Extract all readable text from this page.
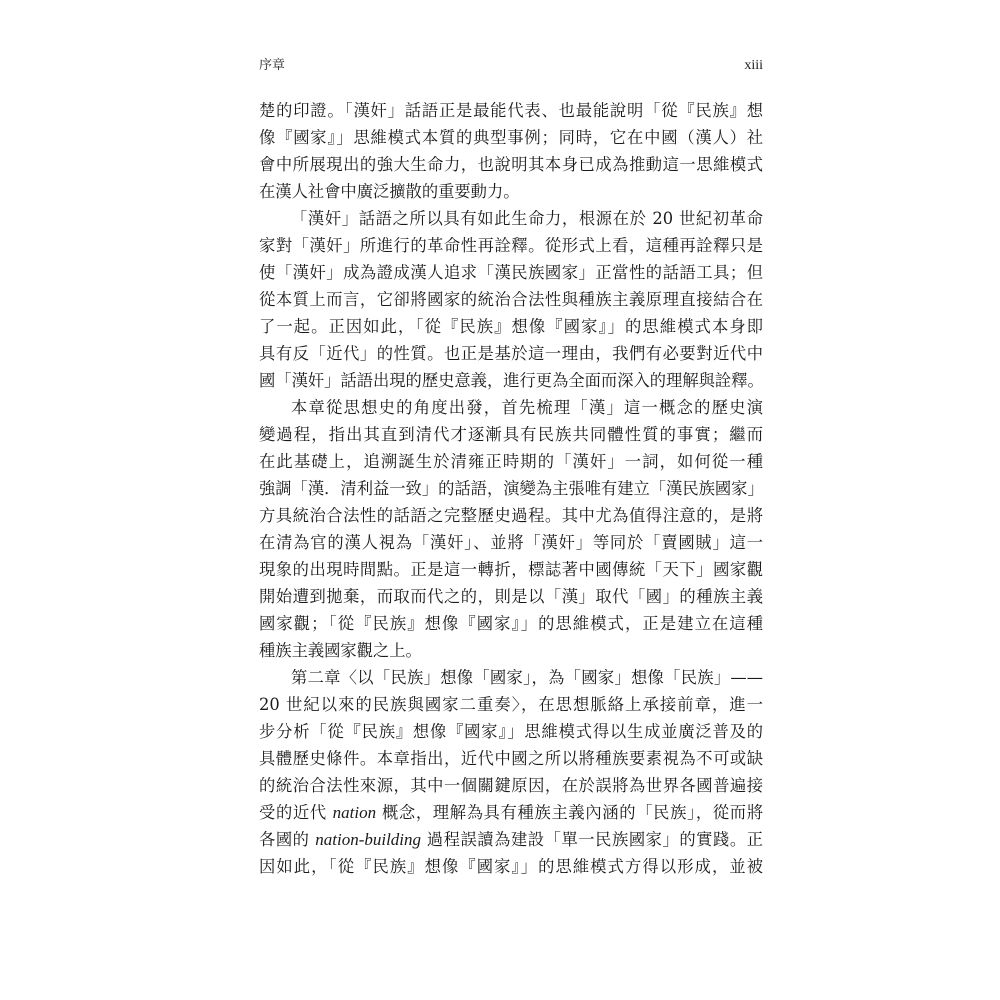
序章	xiii
楚的印證。「漢奸」話語正是最能代表、也最能說明「從『民族』想
像『國家』」思維模式本質的典型事例；同時，它在中國（漢人）社
會中所展現出的強大生命力，也說明其本身已成為推動這一思維模式
在漢人社會中廣泛擴散的重要動力。
「漢奸」話語之所以具有如此生命力，根源在於 20 世紀初革命
家對「漢奸」所進行的革命性再詮釋。從形式上看，這種再詮釋只是
使「漢奸」成為證成漢人追求「漢民族國家」正當性的話語工具；但
從本質上而言，它卻將國家的統治合法性與種族主義原理直接結合在
了一起。正因如此，「從『民族』想像『國家』」的思維模式本身即
具有反「近代」的性質。也正是基於這一理由，我們有必要對近代中
國「漢奸」話語出現的歷史意義，進行更為全面而深入的理解與詮釋。
本章從思想史的角度出發，首先梳理「漢」這一概念的歷史演
變過程，指出其直到清代才逐漸具有民族共同體性質的事實；繼而
在此基礎上，追溯誕生於清雍正時期的「漢奸」一詞，如何從一種
強調「漢．清利益一致」的話語，演變為主張唯有建立「漢民族國家」
方具統治合法性的話語之完整歷史過程。其中尤為值得注意的，是將
在清為官的漢人視為「漢奸」、並將「漢奸」等同於「賣國賊」這一
現象的出現時間點。正是這一轉折，標誌著中國傳統「天下」國家觀
開始遭到拋棄，而取而代之的，則是以「漢」取代「國」的種族主義
國家觀；「從『民族』想像『國家』」的思維模式，正是建立在這種
種族主義國家觀之上。
第二章〈以「民族」想像「國家」，為「國家」想像「民族」——
20 世紀以來的民族與國家二重奏〉，在思想脈絡上承接前章，進一
步分析「從『民族』想像『國家』」思維模式得以生成並廣泛普及的
具體歷史條件。本章指出，近代中國之所以將種族要素視為不可或缺
的統治合法性來源，其中一個關鍵原因，在於誤將為世界各國普遍接
受的近代 nation 概念，理解為具有種族主義內涵的「民族」，從而將
各國的 nation-building 過程誤讀為建設「單一民族國家」的實踐。正
因如此，「從『民族』想像『國家』」的思維模式方得以形成，並被
